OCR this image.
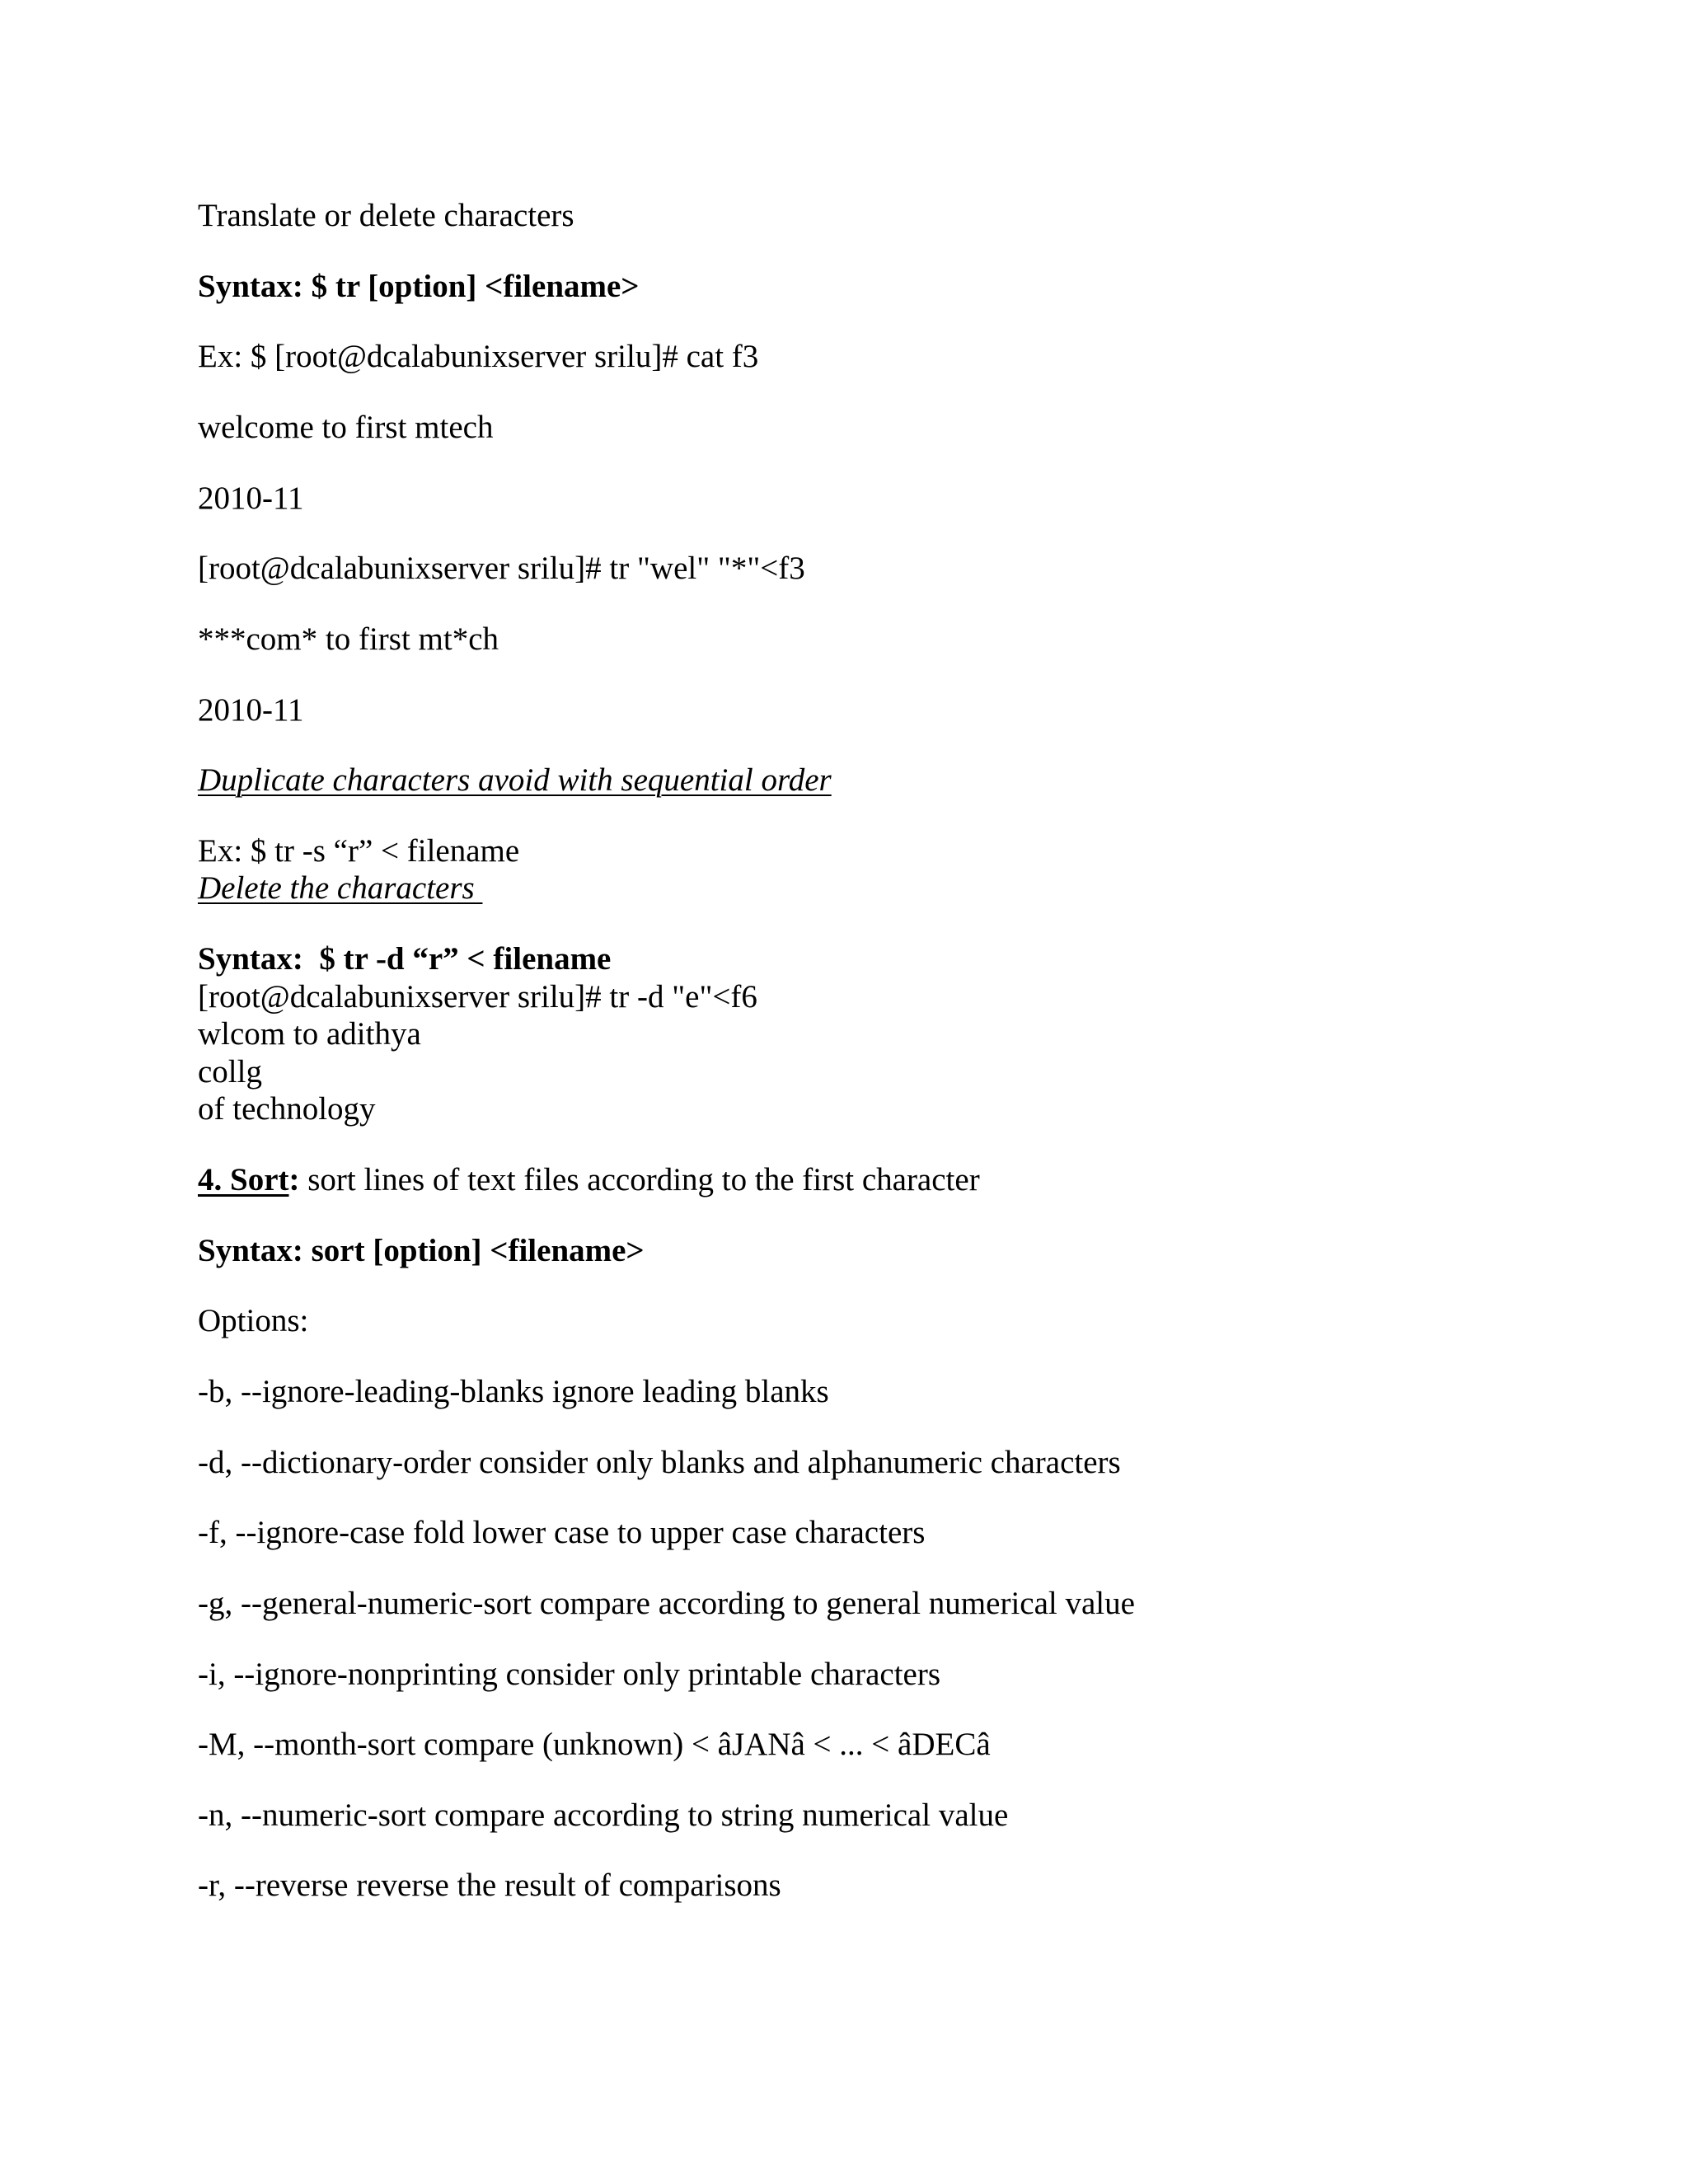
Translate or delete characters
Syntax: $ tr [option] <filename>
Ex: $ [root@dcalabunixserver srilu]# cat f3
welcome to first mtech
2010-11
[root@dcalabunixserver srilu]# tr "wel" "*"<f3
***com* to first mt*ch
2010-11
Duplicate characters avoid with sequential order
Ex: $ tr -s “r” < filename
Delete the characters
Syntax:  $ tr -d “r” < filename
[root@dcalabunixserver srilu]# tr -d "e"<f6
wlcom to adithya
collg
of technology
4. Sort: sort lines of text files according to the first character
Syntax: sort [option] <filename>
Options:
-b, --ignore-leading-blanks ignore leading blanks
-d, --dictionary-order consider only blanks and alphanumeric characters
-f, --ignore-case fold lower case to upper case characters
-g, --general-numeric-sort compare according to general numerical value
-i, --ignore-nonprinting consider only printable characters
-M, --month-sort compare (unknown) < âJANâ < ... < âDECâ
-n, --numeric-sort compare according to string numerical value
-r, --reverse reverse the result of comparisons
